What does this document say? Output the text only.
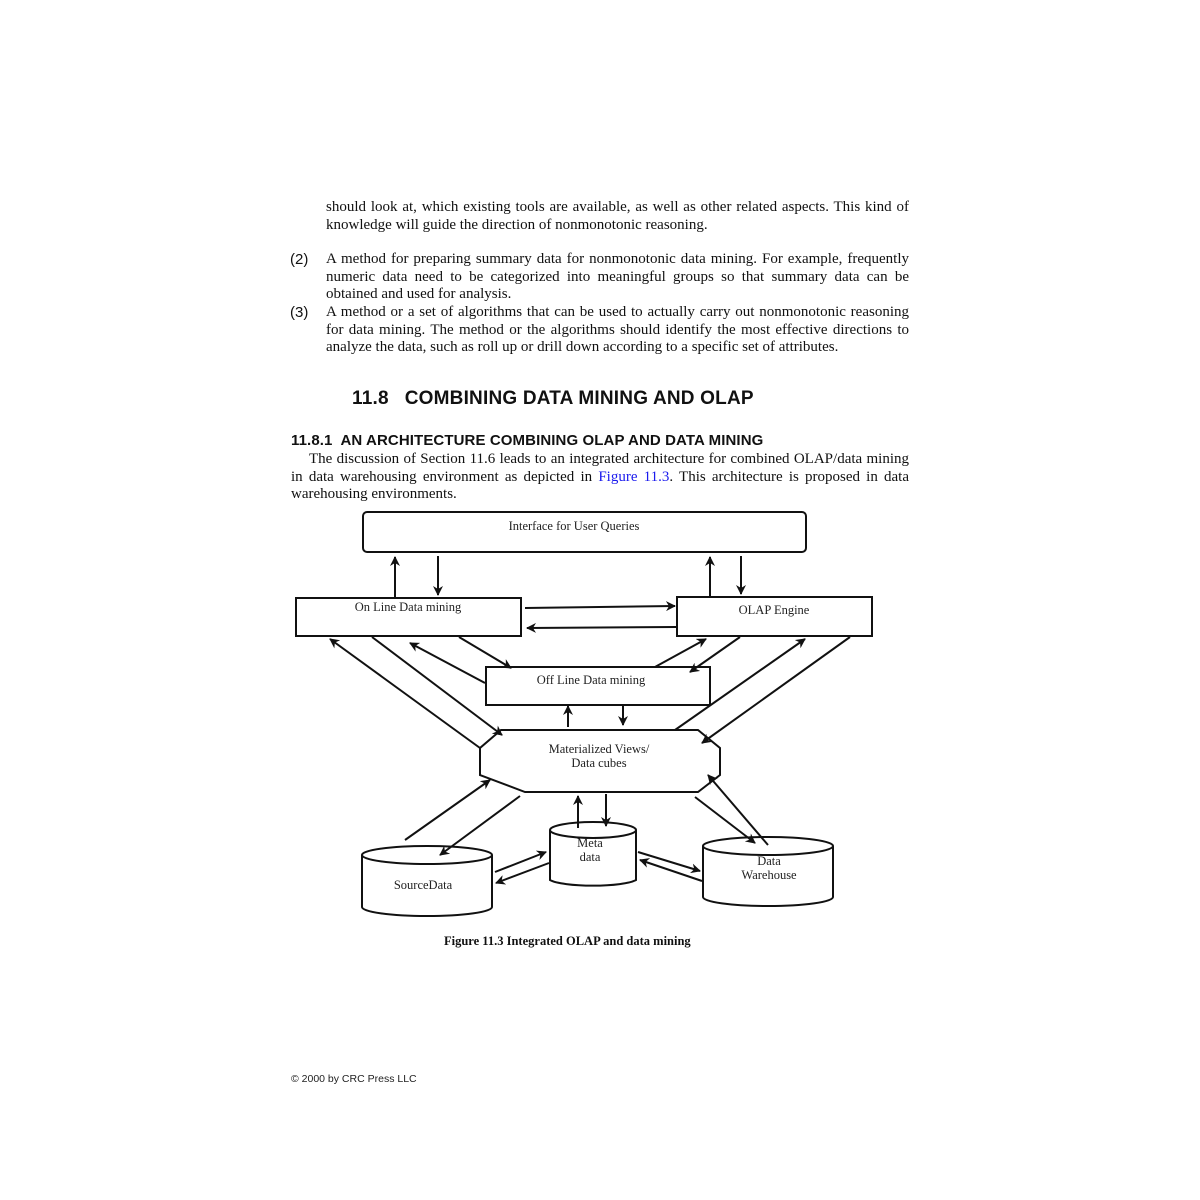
should look at, which existing tools are available, as well as other related aspects. This kind of knowledge will guide the direction of nonmonotonic reasoning.
(2) A method for preparing summary data for nonmonotonic data mining. For example, frequently numeric data need to be categorized into meaningful groups so that summary data can be obtained and used for analysis.
(3) A method or a set of algorithms that can be used to actually carry out nonmonotonic reasoning for data mining. The method or the algorithms should identify the most effective directions to analyze the data, such as roll up or drill down according to a specific set of attributes.
11.8 COMBINING DATA MINING AND OLAP
11.8.1 AN ARCHITECTURE COMBINING OLAP AND DATA MINING
The discussion of Section 11.6 leads to an integrated architecture for combined OLAP/data mining in data warehousing environment as depicted in Figure 11.3. This architecture is proposed in data warehousing environments.
Interface for User Queries
On Line Data mining	OLAP Engine
Off Line Data mining
Materialized Views/
Data cubes
Meta
data
SourceData
Data
Warehouse
Figure 11.3 Integrated OLAP and data mining
© 2000 by CRC Press LLC
